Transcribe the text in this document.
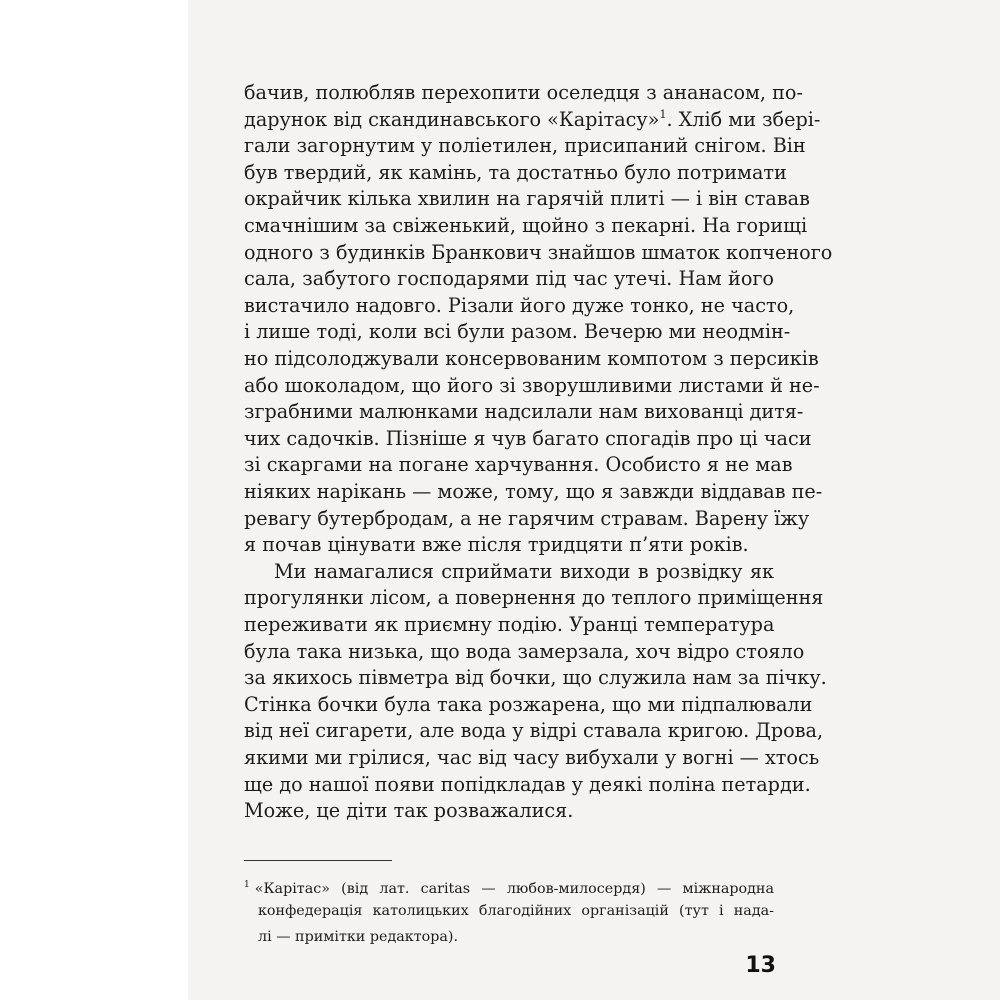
бачив, полюбляв перехопити оселедця з ананасом, по-
дарунок від скандинавського «Карітасу»$^1$. Хліб ми зберi-
гали загорнутим у поліетилен, присипаний снігом. Він
був твердий, як камінь, та достатньо було потримати
окрайчик кілька хвилин на гарячій плиті — і він ставав
смачнішим за свіженький, щойно з пекарні. На горищі
одного з будинків Бранкович знайшов шматок копченого
сала, забутого господарями під час утечі. Нам його
вистачило надовго. Різали його дуже тонко, не часто,
і лише тоді, коли всі були разом. Вечерю ми неодмін-
но підсолоджували консервованим компотом з персиків
або шоколадом, що його зі зворушливими листами й не-
зграбними малюнками надсилали нам вихованці дитя-
чих садочків. Пізніше я чув багато спогадів про ці часи
зі скаргами на погане харчування. Особисто я не мав
ніяких нарікань — може, тому, що я завжди віддавав пе-
ревагу бутербродам, а не гарячим стравам. Варену їжу
я почав цінувати вже після тридцяти п’яти років.
Ми намагалися сприймати виходи в розвідку як
прогулянки лісом, а повернення до теплого приміщення
переживати як приємну подію. Уранці температура
була така низька, що вода замерзала, хоч відро стояло
за якихось півметра від бочки, що служила нам за пічку.
Стінка бочки була така розжарена, що ми підпалювали
від неї сигарети, але вода у відрі ставала кригою. Дрова,
якими ми грілися, час від часу вибухали у вогні — хтось
ще до нашої появи попідкладав у деякі поліна петарди.
Може, це діти так розважалися.
$^1$ «Карітас» (від лат. caritas — любов-милосердя) — міжнародна
конфедерація католицьких благодійних організацій (тут і нада-
лі — примітки редактора).
13
